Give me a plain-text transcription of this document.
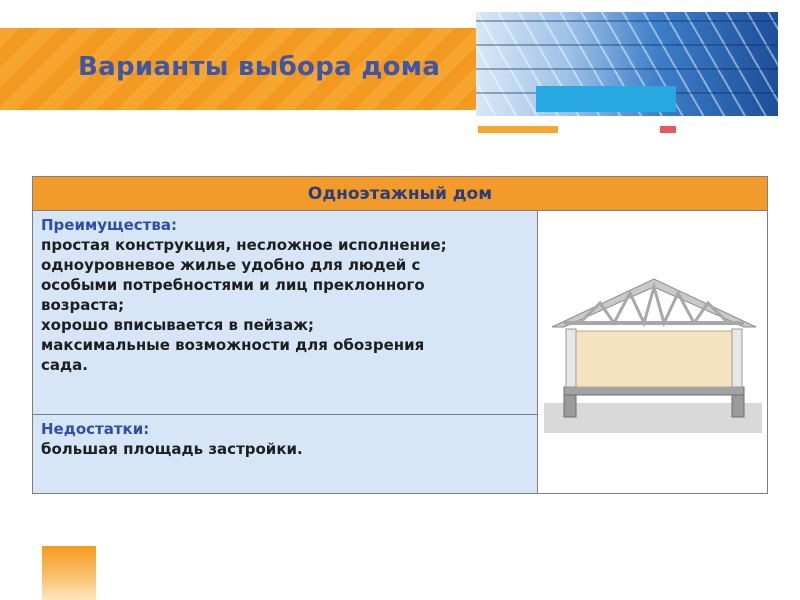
Варианты выбора дома
Одноэтажный дом
Преимущества:
простая конструкция, несложное исполнение;
одноуровневое жилье удобно для людей с
особыми потребностями и лиц преклонного
возраста;
хорошо вписывается в пейзаж;
максимальные возможности для обозрения
сада.
Недостатки:
большая площадь застройки.
